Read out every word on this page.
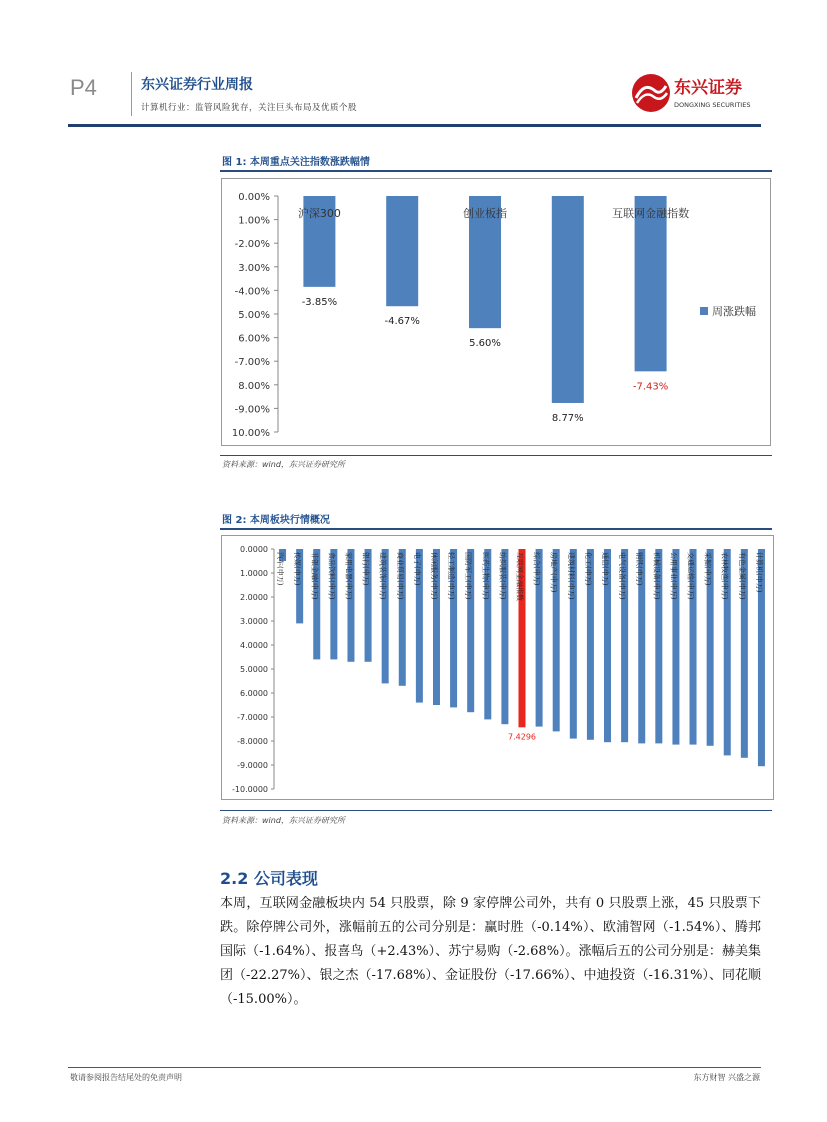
P4	东兴证券行业周报
计算机行业：监管风险犹存，关注巨头布局及优质个股
东兴证券
DONGXING SECURITIES
图 1: 本周重点关注指数涨跌幅情
0.00%
1.00%
-2.00%
3.00%
-4.00%
5.00%
6.00%
-7.00%
8.00%
-9.00%
10.00%
-3.85%
沪深300
-4.67%
5.60%
创业板指
8.77%
-7.43%
互联网金融指数
周涨跌幅
资料来源：wind，东兴证券研究所
图 2: 本周板块行情概况
0.0000
1.0000
2.0000
3.0000
4.0000
5.0000
6.0000
-7.0000
-8.0000
-9.0000
-10.0000
汽车(申万) 传媒(申万) 非银金融(申万) 食品饮料(申万) 家用电器(申万) 银行(申万) 建筑装饰(申万) 商业贸易(申万) 电子(申万) 休闲服务(申万) 轻工制造(申万) 国防军工(申万) 医药生物(申万) 纺织服装(申万) 互联网金融指数
7.4296
综合(申万) 房地产(申万) 建筑材料(申万) 化工(申万) 通信(申万) 电气设备(申万) 钢铁(申万) 机械设备(申万) 公用事业(申万) 交通运输(申万) 采掘(申万) 农林牧渔(申万) 有色金属(申万) 计算机(申万)
资料来源：wind，东兴证券研究所
2.2 公司表现
本周，互联网金融板块内 54 只股票，除 9 家停牌公司外，共有 0 只股票上涨，45 只股票下跌。除停牌公司外，涨幅前五的公司分别是：赢时胜（-0.14%）、欧浦智网（-1.54%）、腾邦国际（-1.64%）、报喜鸟（+2.43%）、苏宁易购（-2.68%）。涨幅后五的公司分别是：赫美集团（-22.27%）、银之杰（-17.68%）、金证股份（-17.66%）、中迪投资（-16.31%）、同花顺（-15.00%）。
敬请参阅报告结尾处的免责声明	东方财智 兴盛之源
